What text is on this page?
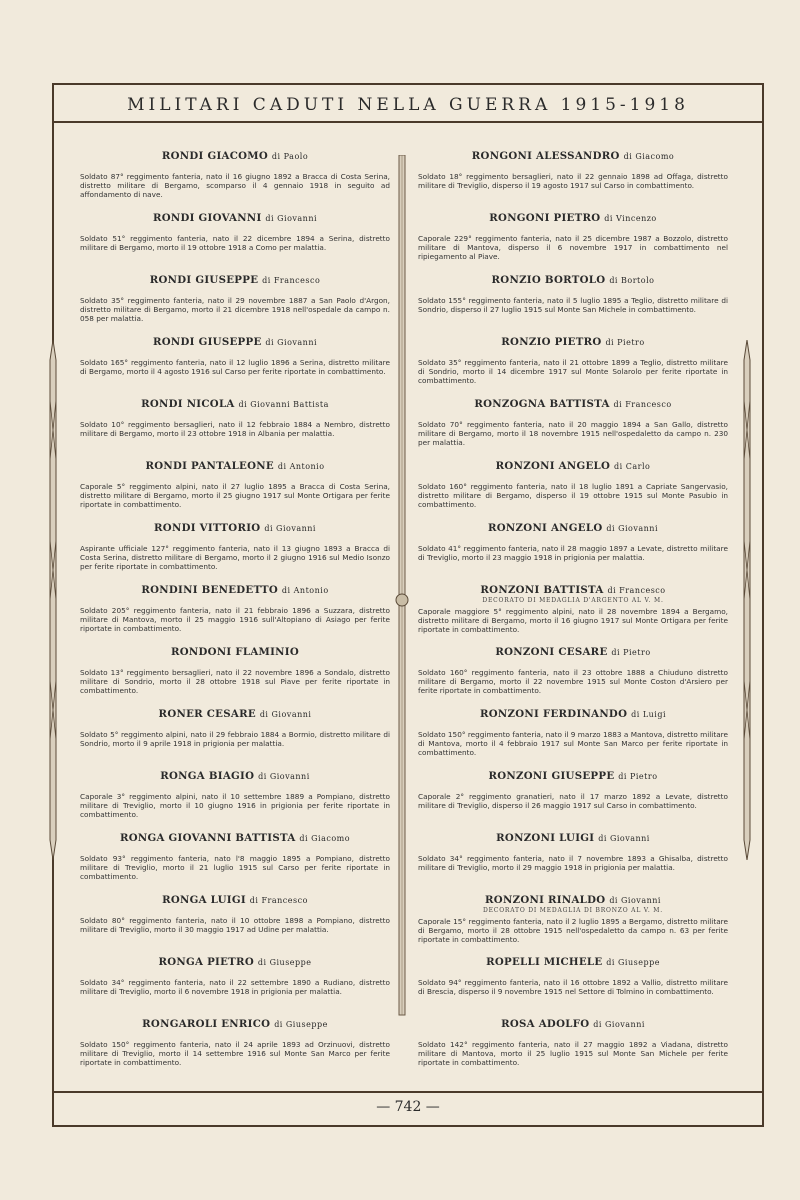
MILITARI CADUTI NELLA GUERRA 1915-1918
— 742 —
RONDI GIACOMO di Paolo
Soldato 87° reggimento fanteria, nato il 16 giugno 1892 a Bracca di Costa Serina, distretto militare di Bergamo, scomparso il 4 gennaio 1918 in seguito ad affondamento di nave.
RONDI GIOVANNI di Giovanni
Soldato 51° reggimento fanteria, nato il 22 dicembre 1894 a Serina, distretto militare di Bergamo, morto il 19 ottobre 1918 a Como per malattia.
RONDI GIUSEPPE di Francesco
Soldato 35° reggimento fanteria, nato il 29 novembre 1887 a San Paolo d'Argon, distretto militare di Bergamo, morto il 21 dicembre 1918 nell'ospedale da campo n. 058 per malattia.
RONDI GIUSEPPE di Giovanni
Soldato 165° reggimento fanteria, nato il 12 luglio 1896 a Serina, distretto militare di Bergamo, morto il 4 agosto 1916 sul Carso per ferite riportate in combattimento.
RONDI NICOLA di Giovanni Battista
Soldato 10° reggimento bersaglieri, nato il 12 febbraio 1884 a Nembro, distretto militare di Bergamo, morto il 23 ottobre 1918 in Albania per malattia.
RONDI PANTALEONE di Antonio
Caporale 5° reggimento alpini, nato il 27 luglio 1895 a Bracca di Costa Serina, distretto militare di Bergamo, morto il 25 giugno 1917 sul Monte Ortigara per ferite riportate in combattimento.
RONDI VITTORIO di Giovanni
Aspirante ufficiale 127° reggimento fanteria, nato il 13 giugno 1893 a Bracca di Costa Serina, distretto militare di Bergamo, morto il 2 giugno 1916 sul Medio Isonzo per ferite riportate in combattimento.
RONDINI BENEDETTO di Antonio
Soldato 205° reggimento fanteria, nato il 21 febbraio 1896 a Suzzara, distretto militare di Mantova, morto il 25 maggio 1916 sull'Altopiano di Asiago per ferite riportate in combattimento.
RONDONI FLAMINIO
Soldato 13° reggimento bersaglieri, nato il 22 novembre 1896 a Sondalo, distretto militare di Sondrio, morto il 28 ottobre 1918 sul Piave per ferite riportate in combattimento.
RONER CESARE di Giovanni
Soldato 5° reggimento alpini, nato il 29 febbraio 1884 a Bormio, distretto militare di Sondrio, morto il 9 aprile 1918 in prigionia per malattia.
RONGA BIAGIO di Giovanni
Caporale 3° reggimento alpini, nato il 10 settembre 1889 a Pompiano, distretto militare di Treviglio, morto il 10 giugno 1916 in prigionia per ferite riportate in combattimento.
RONGA GIOVANNI BATTISTA di Giacomo
Soldato 93° reggimento fanteria, nato l'8 maggio 1895 a Pompiano, distretto militare di Treviglio, morto il 21 luglio 1915 sul Carso per ferite riportate in combattimento.
RONGA LUIGI di Francesco
Soldato 80° reggimento fanteria, nato il 10 ottobre 1898 a Pompiano, distretto militare di Treviglio, morto il 30 maggio 1917 ad Udine per malattia.
RONGA PIETRO di Giuseppe
Soldato 34° reggimento fanteria, nato il 22 settembre 1890 a Rudiano, distretto militare di Treviglio, morto il 6 novembre 1918 in prigionia per malattia.
RONGAROLI ENRICO di Giuseppe
Soldato 150° reggimento fanteria, nato il 24 aprile 1893 ad Orzinuovi, distretto militare di Treviglio, morto il 14 settembre 1916 sul Monte San Marco per ferite riportate in combattimento.
RONGONI ALESSANDRO di Giacomo
Soldato 18° reggimento bersaglieri, nato il 22 gennaio 1898 ad Offaga, distretto militare di Treviglio, disperso il 19 agosto 1917 sul Carso in combattimento.
RONGONI PIETRO di Vincenzo
Caporale 229° reggimento fanteria, nato il 25 dicembre 1987 a Bozzolo, distretto militare di Mantova, disperso il 6 novembre 1917 in combattimento nel ripiegamento al Piave.
RONZIO BORTOLO di Bortolo
Soldato 155° reggimento fanteria, nato il 5 luglio 1895 a Teglio, distretto militare di Sondrio, disperso il 27 luglio 1915 sul Monte San Michele in combattimento.
RONZIO PIETRO di Pietro
Soldato 35° reggimento fanteria, nato il 21 ottobre 1899 a Teglio, distretto militare di Sondrio, morto il 14 dicembre 1917 sul Monte Solarolo per ferite riportate in combattimento.
RONZOGNA BATTISTA di Francesco
Soldato 70° reggimento fanteria, nato il 20 maggio 1894 a San Gallo, distretto militare di Bergamo, morto il 18 novembre 1915 nell'ospedaletto da campo n. 230 per malattia.
RONZONI ANGELO di Carlo
Soldato 160° reggimento fanteria, nato il 18 luglio 1891 a Capriate Sangervasio, distretto militare di Bergamo, disperso il 19 ottobre 1915 sul Monte Pasubio in combattimento.
RONZONI ANGELO di Giovanni
Soldato 41° reggimento fanteria, nato il 28 maggio 1897 a Levate, distretto militare di Treviglio, morto il 23 maggio 1918 in prigionia per malattia.
RONZONI BATTISTA di Francesco
DECORATO DI MEDAGLIA D'ARGENTO AL V. M.
Caporale maggiore 5° reggimento alpini, nato il 28 novembre 1894 a Bergamo, distretto militare di Bergamo, morto il 16 giugno 1917 sul Monte Ortigara per ferite riportate in combattimento.
RONZONI CESARE di Pietro
Soldato 160° reggimento fanteria, nato il 23 ottobre 1888 a Chiuduno distretto militare di Bergamo, morto il 22 novembre 1915 sul Monte Coston d'Arsiero per ferite riportate in combattimento.
RONZONI FERDINANDO di Luigi
Soldato 150° reggimento fanteria, nato il 9 marzo 1883 a Mantova, distretto militare di Mantova, morto il 4 febbraio 1917 sul Monte San Marco per ferite riportate in combattimento.
RONZONI GIUSEPPE di Pietro
Caporale 2° reggimento granatieri, nato il 17 marzo 1892 a Levate, distretto militare di Treviglio, disperso il 26 maggio 1917 sul Carso in combattimento.
RONZONI LUIGI di Giovanni
Soldato 34° reggimento fanteria, nato il 7 novembre 1893 a Ghisalba, distretto militare di Treviglio, morto il 29 maggio 1918 in prigionia per malattia.
RONZONI RINALDO di Giovanni
DECORATO DI MEDAGLIA DI BRONZO AL V. M.
Caporale 15° reggimento fanteria, nato il 2 luglio 1895 a Bergamo, distretto militare di Bergamo, morto il 28 ottobre 1915 nell'ospedaletto da campo n. 63 per ferite riportate in combattimento.
ROPELLI MICHELE di Giuseppe
Soldato 94° reggimento fanteria, nato il 16 ottobre 1892 a Vallio, distretto militare di Brescia, disperso il 9 novembre 1915 nel Settore di Tolmino in combattimento.
ROSA ADOLFO di Giovanni
Soldato 142° reggimento fanteria, nato il 27 maggio 1892 a Viadana, distretto militare di Mantova, morto il 25 luglio 1915 sul Monte San Michele per ferite riportate in combattimento.
